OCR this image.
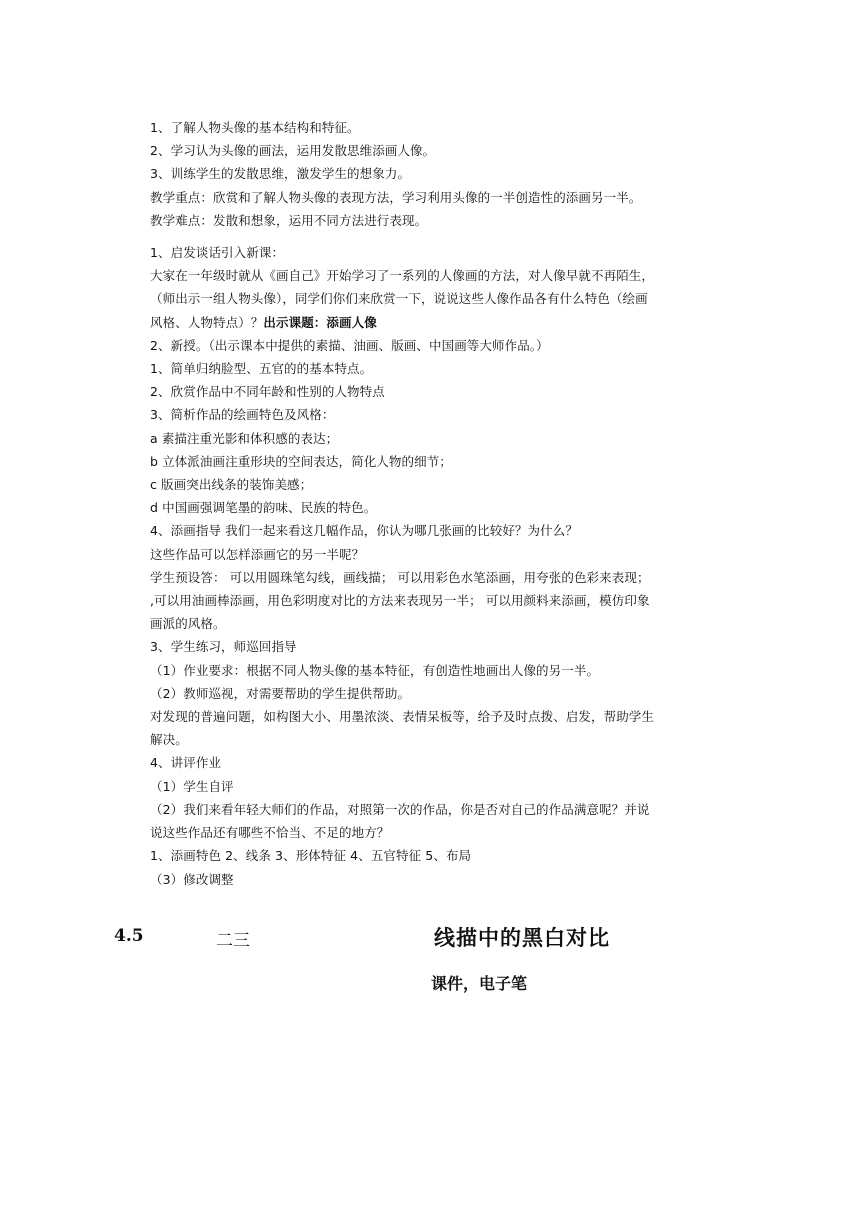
1、了解人物头像的基本结构和特征。
2、学习认为头像的画法，运用发散思维添画人像。
3、训练学生的发散思维，激发学生的想象力。
教学重点：欣赏和了解人物头像的表现方法，学习利用头像的一半创造性的添画另一半。
教学难点：发散和想象，运用不同方法进行表现。
1、启发谈话引入新课：
大家在一年级时就从《画自己》开始学习了一系列的人像画的方法，对人像早就不再陌生，
（师出示一组人物头像），同学们你们来欣赏一下，说说这些人像作品各有什么特色（绘画
风格、人物特点）？出示课题：添画人像
2、新授。（出示课本中提供的素描、油画、版画、中国画等大师作品。）
1、简单归纳脸型、五官的的基本特点。
2、欣赏作品中不同年龄和性别的人物特点
3、简析作品的绘画特色及风格：
a 素描注重光影和体积感的表达；
b 立体派油画注重形块的空间表达，简化人物的细节；
c 版画突出线条的装饰美感；
d 中国画强调笔墨的韵味、民族的特色。
4、添画指导 我们一起来看这几幅作品，你认为哪几张画的比较好？为什么？
这些作品可以怎样添画它的另一半呢？
学生预设答： 可以用圆珠笔勾线，画线描； 可以用彩色水笔添画，用夸张的色彩来表现；
,可以用油画棒添画，用色彩明度对比的方法来表现另一半； 可以用颜料来添画，模仿印象
画派的风格。
3、学生练习，师巡回指导
（1）作业要求：根据不同人物头像的基本特征，有创造性地画出人像的另一半。
（2）教师巡视，对需要帮助的学生提供帮助。
对发现的普遍问题，如构图大小、用墨浓淡、表情呆板等，给予及时点拨、启发，帮助学生
解决。
4、讲评作业
（1）学生自评
（2）我们来看年轻大师们的作品，对照第一次的作品，你是否对自己的作品满意呢？并说
说这些作品还有哪些不恰当、不足的地方？
1、添画特色 2、线条 3、形体特征 4、五官特征 5、布局
（3）修改调整
4.5	二三	线描中的黑白对比
课件，电子笔
